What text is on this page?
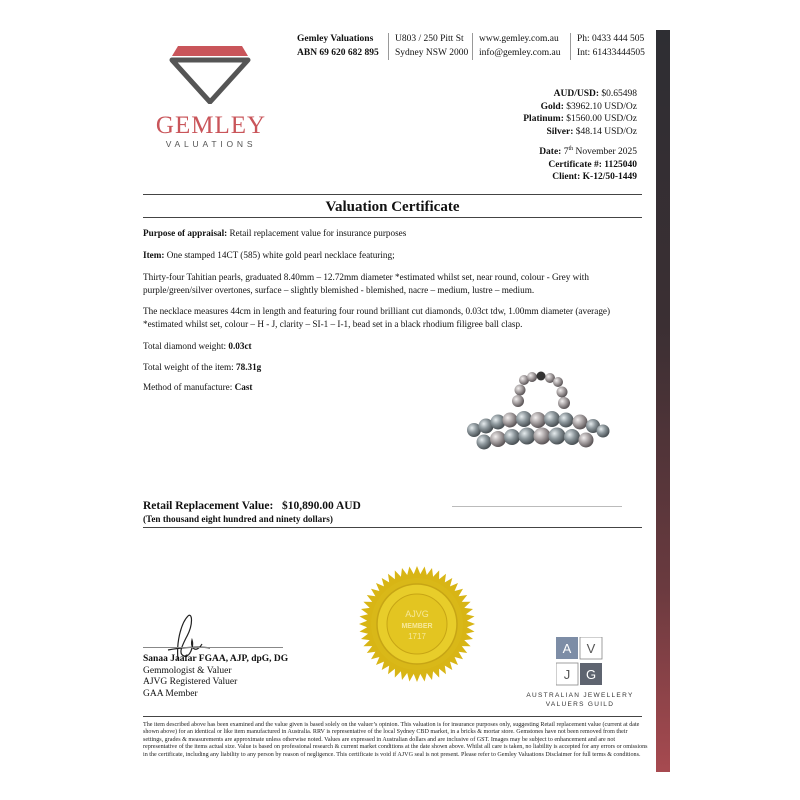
GEMLEY
VALUATIONS
Gemley Valuations
ABN 69 620 682 895
U803 / 250 Pitt St
Sydney NSW 2000
www.gemley.com.au
info@gemley.com.au
Ph: 0433 444 505
Int: 61433444505
AUD/USD: $0.65498
Gold: $3962.10 USD/Oz
Platinum: $1560.00 USD/Oz
Silver: $48.14 USD/Oz
Date: 7th November 2025
Certificate #: 1125040
Client: K-12/50-1449
Valuation Certificate
Purpose of appraisal: Retail replacement value for insurance purposes
Item: One stamped 14CT (585) white gold pearl necklace featuring;
Thirty-four Tahitian pearls, graduated 8.40mm – 12.72mm diameter *estimated whilst set, near round, colour - Grey with purple/green/silver overtones, surface – slightly blemished - blemished, nacre – medium, lustre – medium.
The necklace measures 44cm in length and featuring four round brilliant cut diamonds, 0.03ct tdw, 1.00mm diameter (average) *estimated whilst set, colour – H - J, clarity – SI-1 – I-1, bead set in a black rhodium filigree ball clasp.
Total diamond weight: 0.03ct
Total weight of the item: 78.31g
Method of manufacture: Cast
Retail Replacement Value: $10,890.00 AUD
(Ten thousand eight hundred and ninety dollars)
AJVG
MEMBER
1717
Sanaa Jaafar FGAA, AJP, dpG, DG
Gemmologist & Valuer
AJVG Registered Valuer
GAA Member
A V
J G
AUSTRALIAN JEWELLERY
VALUERS GUILD
The item described above has been examined and the value given is based solely on the valuer’s opinion. This valuation is for insurance purposes only, suggesting Retail replacement value (current at date shown above) for an identical or like item manufactured in Australia. RRV is representative of the local Sydney CBD market, in a bricks & mortar store. Gemstones have not been removed from their settings, grades & measurements are approximate unless otherwise noted. Values are expressed in Australian dollars and are inclusive of GST. Images may be subject to enhancement and are not representative of the items actual size. Value is based on professional research & current market conditions at the date shown above. Whilst all care is taken, no liability is accepted for any errors or omissions in the certificate, including any liability to any person by reason of negligence. This certificate is void if AJVG seal is not present. Please refer to Gemley Valuations Disclaimer for full terms & conditions.
